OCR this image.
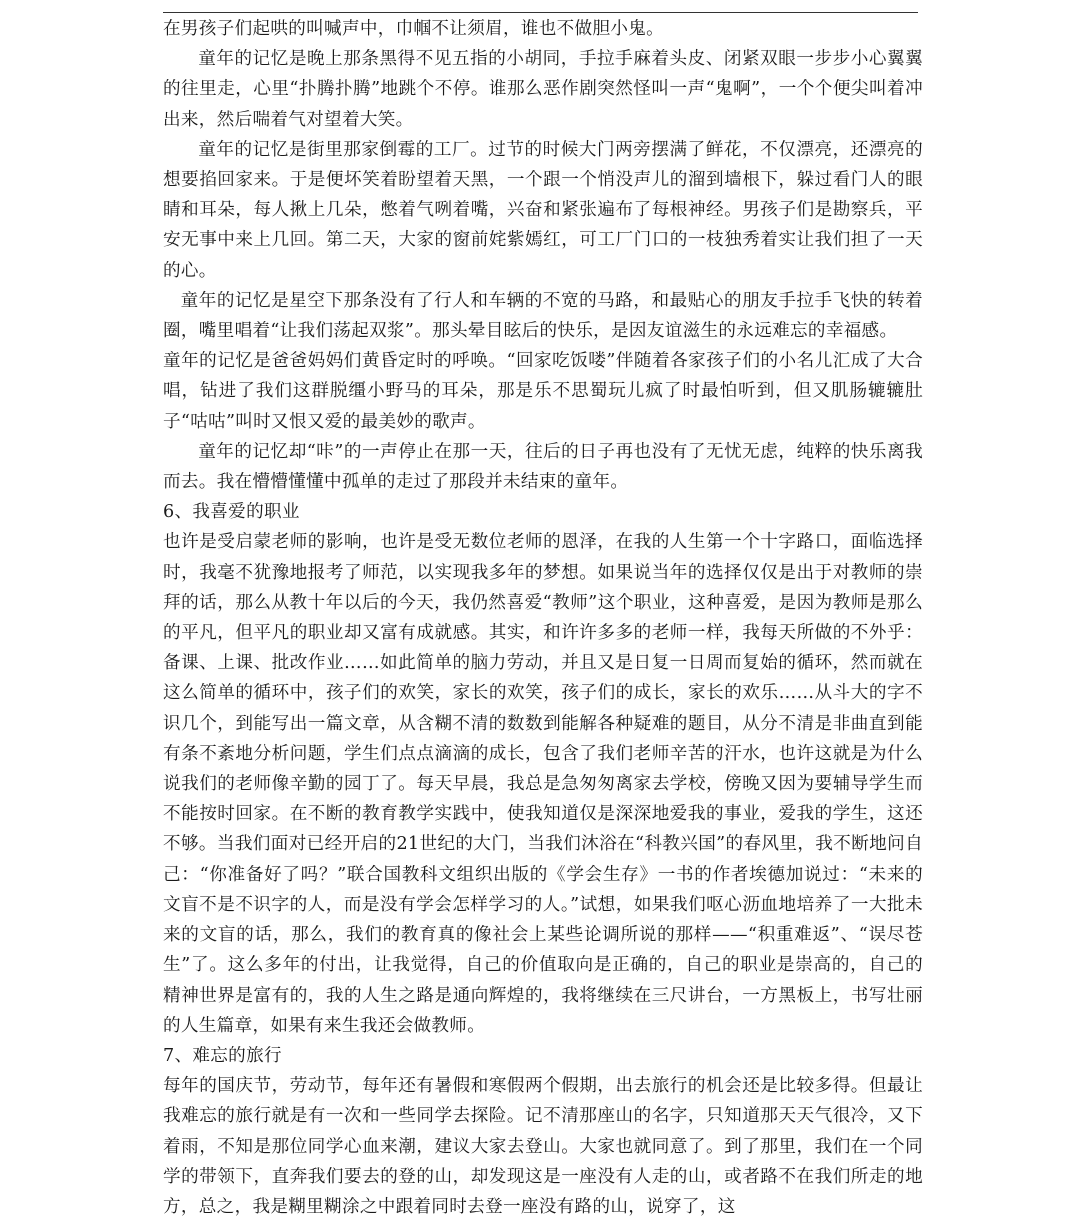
在男孩子们起哄的叫喊声中，巾帼不让须眉，谁也不做胆小鬼。

童年的记忆是晚上那条黑得不见五指的小胡同，手拉手麻着头皮、闭紧双眼一步步小心翼翼的往里走，心里“扑腾扑腾”地跳个不停。谁那么恶作剧突然怪叫一声“鬼啊”，一个个便尖叫着冲出来，然后喘着气对望着大笑。

童年的记忆是街里那家倒霉的工厂。过节的时候大门两旁摆满了鲜花，不仅漂亮，还漂亮的想要掐回家来。于是便坏笑着盼望着天黑，一个跟一个悄没声儿的溜到墙根下，躲过看门人的眼睛和耳朵，每人揪上几朵，憋着气咧着嘴，兴奋和紧张遍布了每根神经。男孩子们是勘察兵，平安无事中来上几回。第二天，大家的窗前姹紫嫣红，可工厂门口的一枝独秀着实让我们担了一天的心。

童年的记忆是星空下那条没有了行人和车辆的不宽的马路，和最贴心的朋友手拉手飞快的转着圈，嘴里唱着“让我们荡起双浆”。那头晕目眩后的快乐，是因友谊滋生的永远难忘的幸福感。

童年的记忆是爸爸妈妈们黄昏定时的呼唤。“回家吃饭喽”伴随着各家孩子们的小名儿汇成了大合唱，钻进了我们这群脱缰小野马的耳朵，那是乐不思蜀玩儿疯了时最怕听到，但又肌肠辘辘肚子“咕咕”叫时又恨又爱的最美妙的歌声。

童年的记忆却“咔”的一声停止在那一天，往后的日子再也没有了无忧无虑，纯粹的快乐离我而去。我在懵懵懂懂中孤单的走过了那段并未结束的童年。

6、我喜爱的职业

也许是受启蒙老师的影响，也许是受无数位老师的恩泽，在我的人生第一个十字路口，面临选择时，我毫不犹豫地报考了师范，以实现我多年的梦想。如果说当年的选择仅仅是出于对教师的崇拜的话，那么从教十年以后的今天，我仍然喜爱“教师”这个职业，这种喜爱，是因为教师是那么的平凡，但平凡的职业却又富有成就感。其实，和许许多多的老师一样，我每天所做的不外乎：备课、上课、批改作业……如此简单的脑力劳动，并且又是日复一日周而复始的循环，然而就在这么简单的循环中，孩子们的欢笑，家长的欢笑，孩子们的成长，家长的欢乐……从斗大的字不识几个，到能写出一篇文章，从含糊不清的数数到能解各种疑难的题目，从分不清是非曲直到能有条不紊地分析问题，学生们点点滴滴的成长，包含了我们老师辛苦的汗水，也许这就是为什么说我们的老师像辛勤的园丁了。每天早晨，我总是急匆匆离家去学校，傍晚又因为要辅导学生而不能按时回家。在不断的教育教学实践中，使我知道仅是深深地爱我的事业，爱我的学生，这还不够。当我们面对已经开启的21世纪的大门，当我们沐浴在“科教兴国”的春风里，我不断地问自己：“你准备好了吗？”联合国教科文组织出版的《学会生存》一书的作者埃德加说过：“未来的文盲不是不识字的人，而是没有学会怎样学习的人。”试想，如果我们呕心沥血地培养了一大批未来的文盲的话，那么，我们的教育真的像社会上某些论调所说的那样——“积重难返”、“误尽苍生”了。这么多年的付出，让我觉得，自己的价值取向是正确的，自己的职业是崇高的，自己的精神世界是富有的，我的人生之路是通向辉煌的，我将继续在三尺讲台，一方黑板上，书写壮丽的人生篇章，如果有来生我还会做教师。

7、难忘的旅行

每年的国庆节，劳动节，每年还有暑假和寒假两个假期，出去旅行的机会还是比较多得。但最让我难忘的旅行就是有一次和一些同学去探险。记不清那座山的名字，只知道那天天气很冷，又下着雨，不知是那位同学心血来潮，建议大家去登山。大家也就同意了。到了那里，我们在一个同学的带领下，直奔我们要去的登的山，却发现这是一座没有人走的山，或者路不在我们所走的地方，总之，我是糊里糊涂之中跟着同时去登一座没有路的山，说穿了，这
